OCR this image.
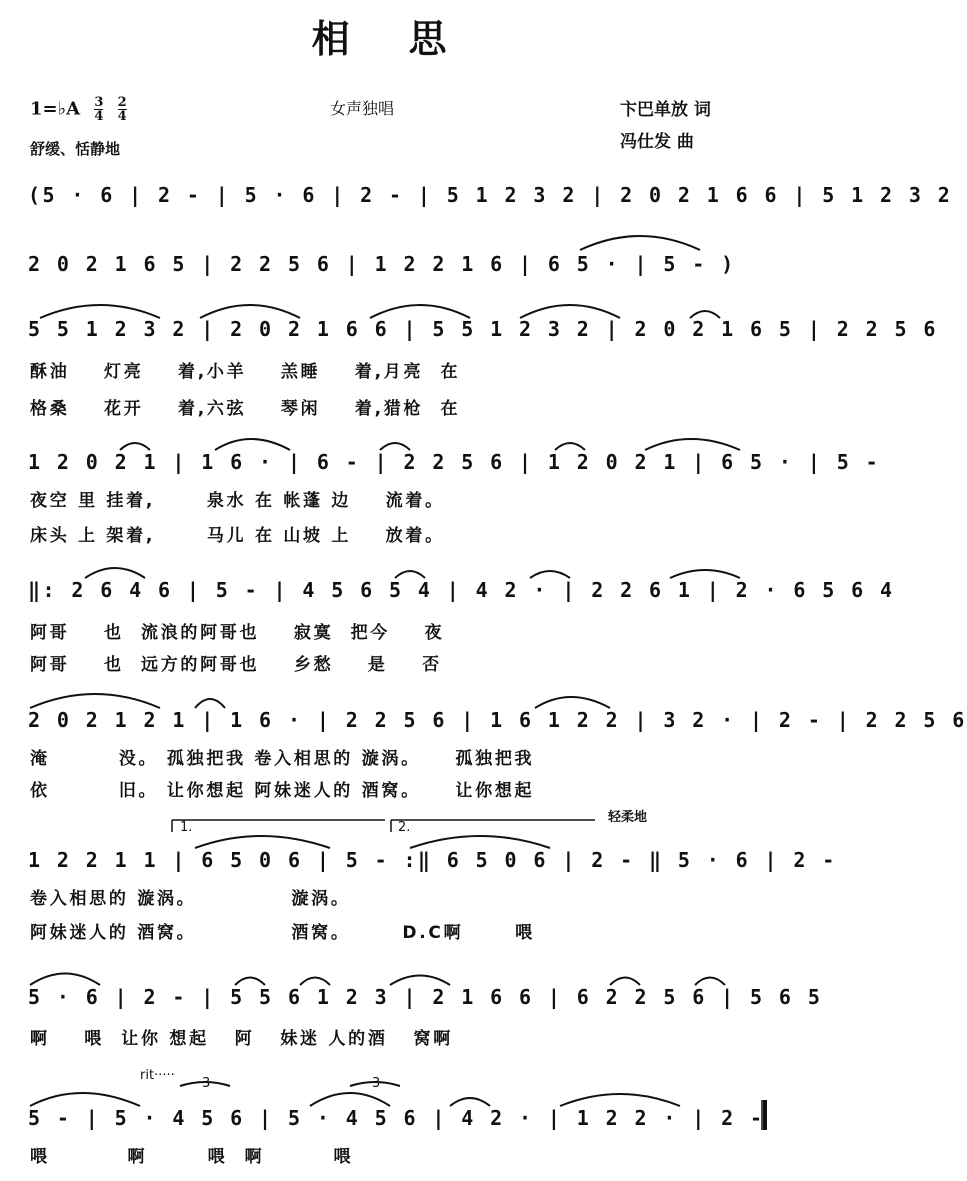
相 思
1=♭A $\frac{3}{4} \frac{2}{4}$	女声独唱	卞巴单放 词
冯仕发 曲
舒缓、恬静地
(5 · 6 | 2 - | 5 · 6 | 2 - | 5 1 2 3 2 | 2 0 2 1 6 6 | 5 1 2 3 2
2 0 2 1 6 5 | 2 2 5 6 | 1 2 2 1 6 | 6 5 · | 5 - )
5 5 1 2 3 2 | 2 0 2 1 6 6 | 5 5 1 2 3 2 | 2 0 2 1 6 5 | 2 2 5 6
酥油    灯亮    着,小羊    羔睡    着,月亮  在
格桑    花开    着,六弦    琴闲    着,猎枪  在
1 2 0 2 1 | 1 6 · | 6 - | 2 2 5 6 | 1 2 0 2 1 | 6 5 · | 5 -
夜空 里 挂着,      泉水 在 帐蓬 边    流着。
床头 上 架着,      马儿 在 山坡 上    放着。
‖: 2 6 4 6 | 5 - | 4 5 6 5 4 | 4 2 · | 2 2 6 1 | 2 · 6 5 6 4
阿哥    也  流浪的阿哥也    寂寞  把今    夜
阿哥    也  远方的阿哥也    乡愁    是    否
2 0 2 1 2 1 | 1 6 · | 2 2 5 6 | 1 6 1 2 2 | 3 2 · | 2 - | 2 2 5 6
淹        没。 孤独把我 卷入相思的 漩涡。    孤独把我
依        旧。 让你想起 阿妹迷人的 酒窝。    让你想起
1.	2.
轻柔地
1 2 2 1 1 | 6 5 0 6 | 5 - :‖ 6 5 0 6 | 2 - ‖ 5 · 6 | 2 -
卷入相思的 漩涡。           漩涡。
阿妹迷人的 酒窝。           酒窝。      D.C啊      喂
5 · 6 | 2 - | 5 5 6 1 2 3 | 2 1 6 6 | 6 2 2 5 6 | 5 6 5
啊    喂  让你 想起   阿   妹迷 人的酒   窝啊
rit·····
3	3
5 - | 5 · 4 5 6 | 5 · 4 5 6 | 4 2 · | 1 2 2 · | 2 -
喂         啊       喂  啊        喂
